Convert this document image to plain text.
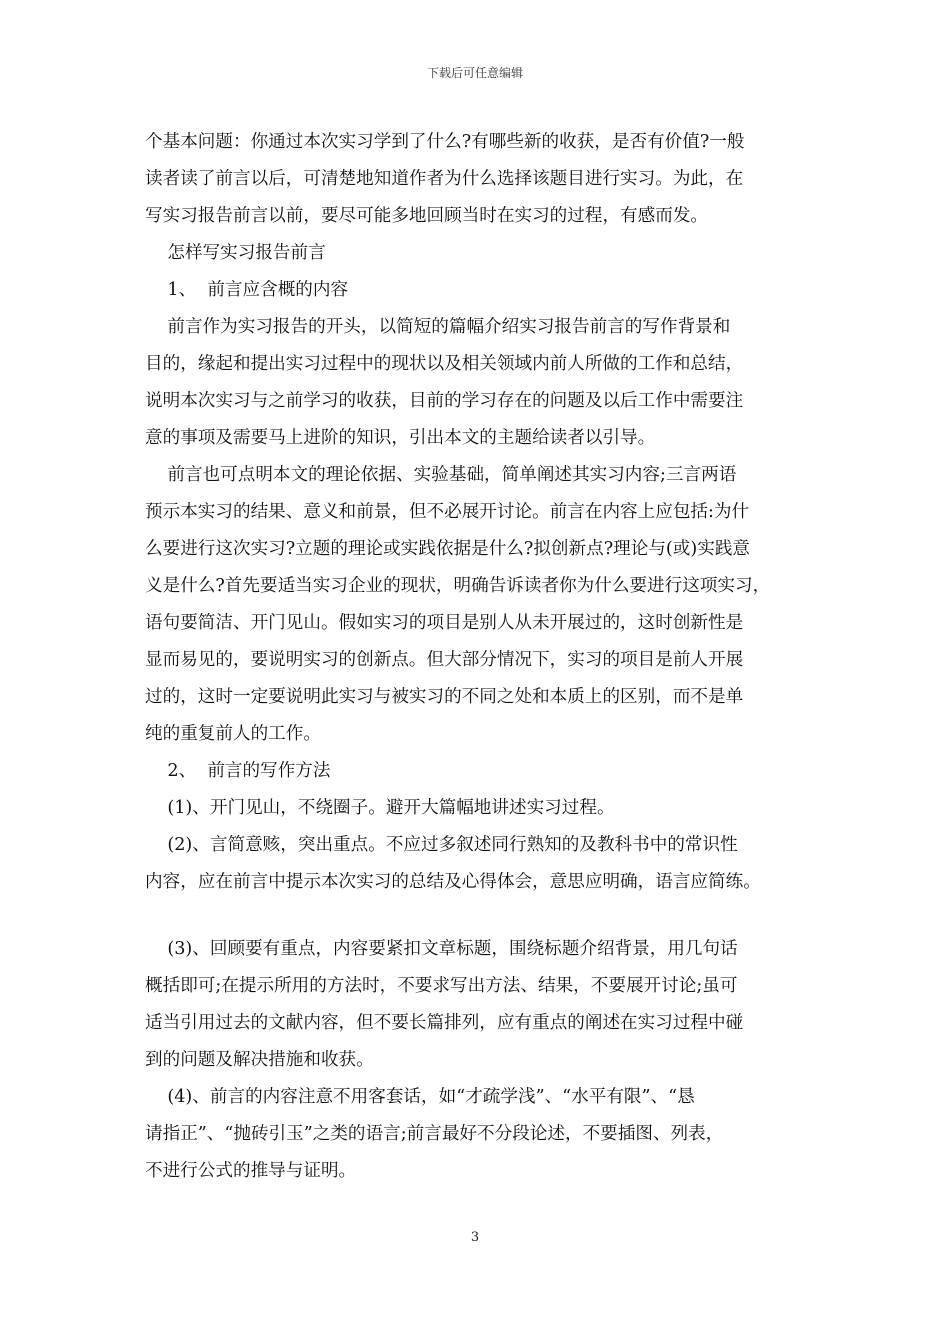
下载后可任意编辑
个基本问题：你通过本次实习学到了什么?有哪些新的收获，是否有价值?一般
读者读了前言以后，可清楚地知道作者为什么选择该题目进行实习。为此，在
写实习报告前言以前，要尽可能多地回顾当时在实习的过程，有感而发。
怎样写实习报告前言
1、  前言应含概的内容
前言作为实习报告的开头，以简短的篇幅介绍实习报告前言的写作背景和
目的，缘起和提出实习过程中的现状以及相关领域内前人所做的工作和总结，
说明本次实习与之前学习的收获，目前的学习存在的问题及以后工作中需要注
意的事项及需要马上进阶的知识，引出本文的主题给读者以引导。
前言也可点明本文的理论依据、实验基础，简单阐述其实习内容;三言两语
预示本实习的结果、意义和前景，但不必展开讨论。前言在内容上应包括:为什
么要进行这次实习?立题的理论或实践依据是什么?拟创新点?理论与(或)实践意
义是什么?首先要适当实习企业的现状，明确告诉读者你为什么要进行这项实习，
语句要简洁、开门见山。假如实习的项目是别人从未开展过的，这时创新性是
显而易见的，要说明实习的创新点。但大部分情况下，实习的项目是前人开展
过的，这时一定要说明此实习与被实习的不同之处和本质上的区别，而不是单
纯的重复前人的工作。
2、  前言的写作方法
(1)、开门见山，不绕圈子。避开大篇幅地讲述实习过程。
(2)、言简意赅，突出重点。不应过多叙述同行熟知的及教科书中的常识性
内容，应在前言中提示本次实习的总结及心得体会，意思应明确，语言应简练。
(3)、回顾要有重点，内容要紧扣文章标题，围绕标题介绍背景，用几句话
概括即可;在提示所用的方法时，不要求写出方法、结果，不要展开讨论;虽可
适当引用过去的文献内容，但不要长篇排列，应有重点的阐述在实习过程中碰
到的问题及解决措施和收获。
(4)、前言的内容注意不用客套话，如“才疏学浅”、“水平有限”、“恳
请指正”、“抛砖引玉”之类的语言;前言最好不分段论述，不要插图、列表，
不进行公式的推导与证明。
3
